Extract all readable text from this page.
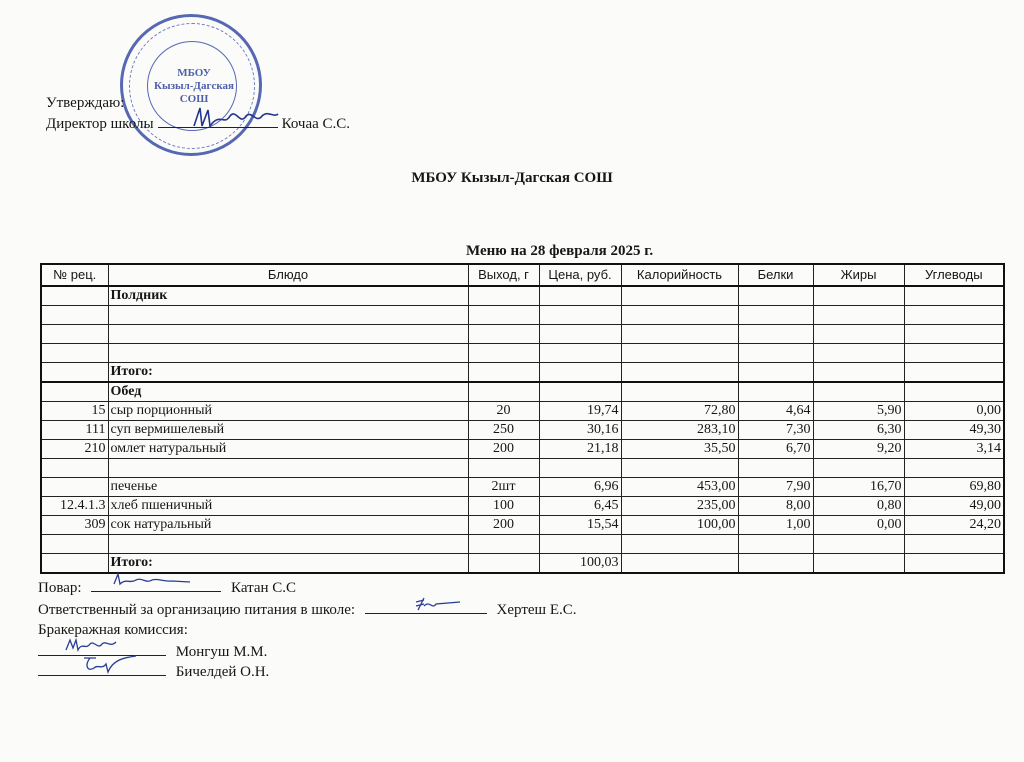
МБОУ
Кызыл-Дагская
СОШ
Утверждаю:
Директор школы	Кочаа С.С.
МБОУ Кызыл-Дагская СОШ
Меню на 28 февраля 2025 г.
№ рец.	Блюдо	Выход, г	Цена, руб.	Калорийность	Белки	Жиры	Углеводы
	Полдник						

	Итого:						
	Обед						
15	сыр порционный	20	19,74	72,80	4,64	5,90	0,00
111	суп вермишелевый	250	30,16	283,10	7,30	6,30	49,30
210	омлет натуральный	200	21,18	35,50	6,70	9,20	3,14

	печенье	2шт	6,96	453,00	7,90	16,70	69,80
12.4.1.3	хлеб пшеничный	100	6,45	235,00	8,00	0,80	49,00
309	сок натуральный	200	15,54	100,00	1,00	0,00	24,20

	Итого:		100,03				
Повар:	Катан С.С
Ответственный за организацию питания в школе:	Хертеш Е.С.
Бракеражная комиссия:
Монгуш М.М.
Бичелдей О.Н.
